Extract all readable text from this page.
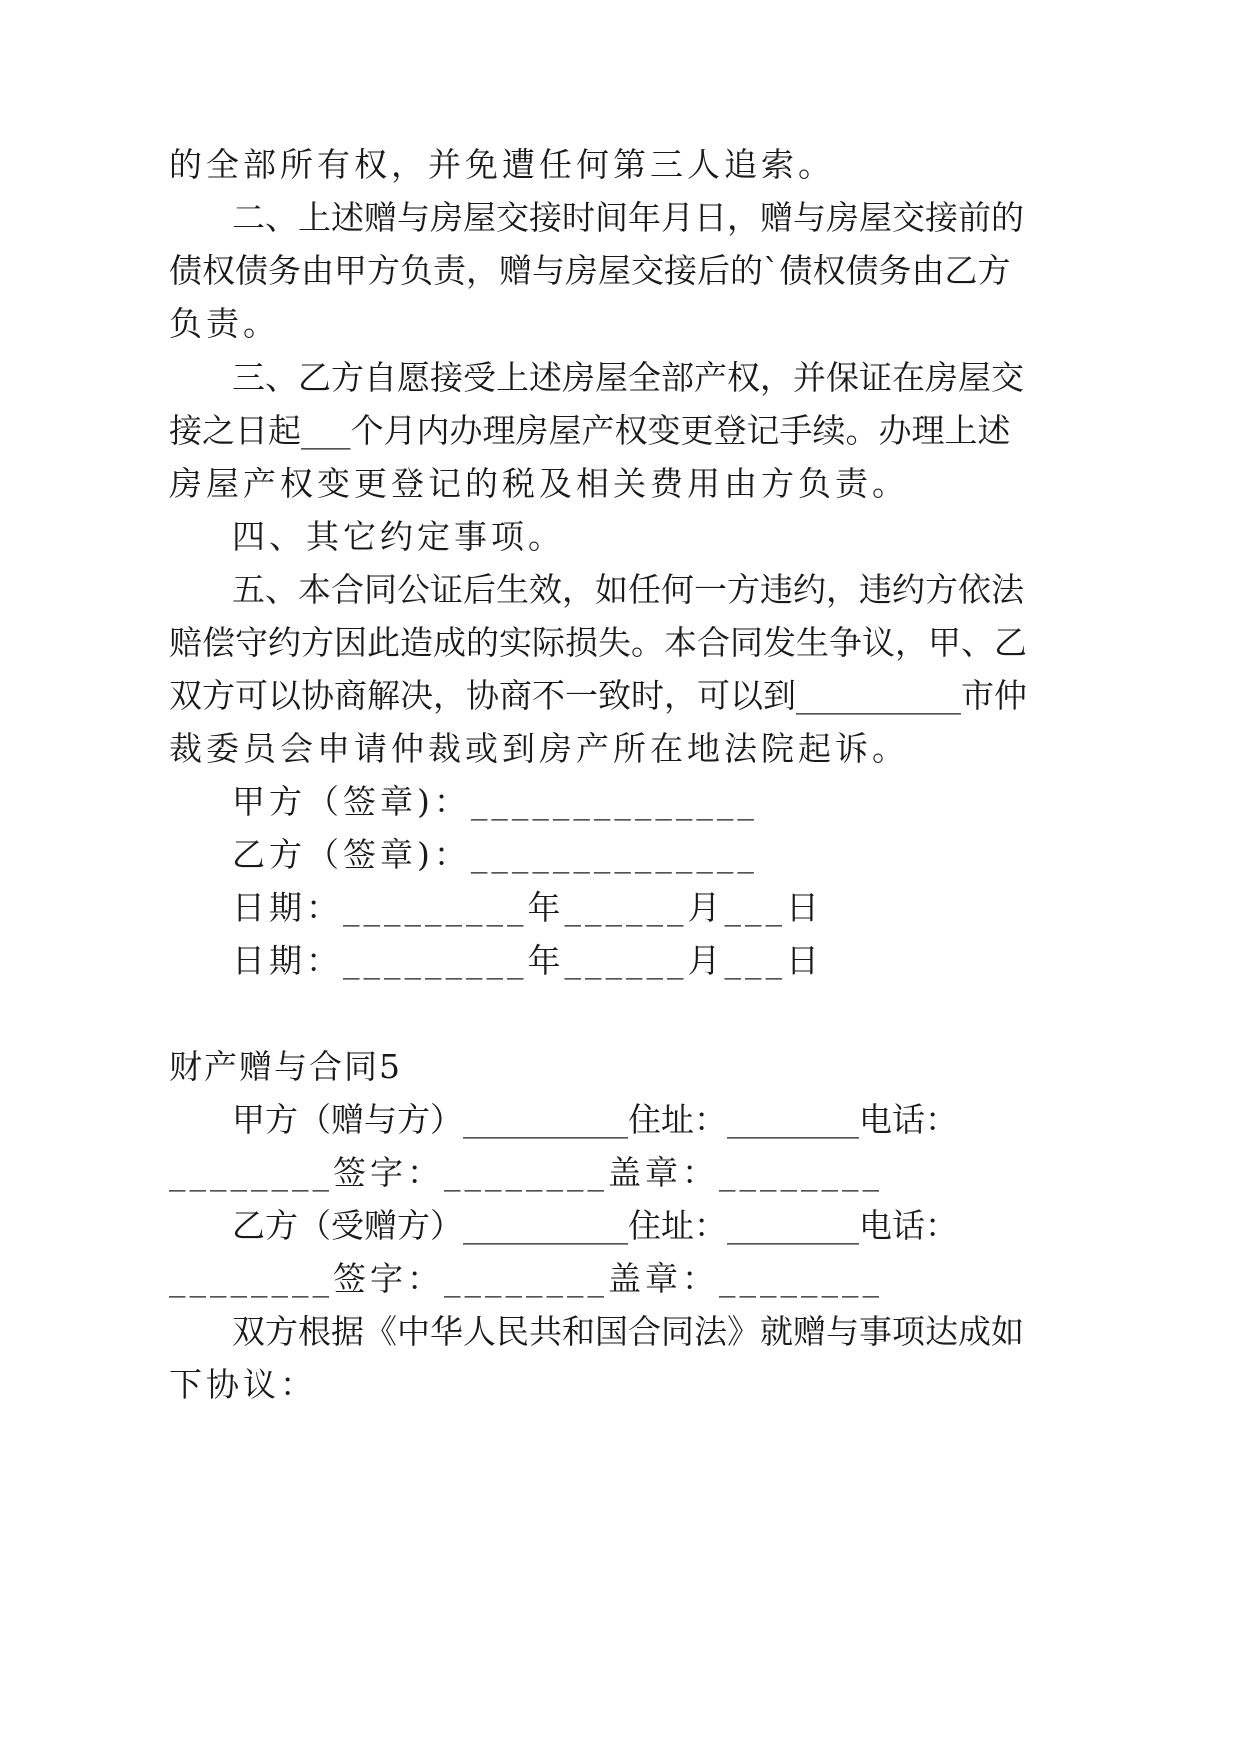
的全部所有权，并免遭任何第三人追索。
二、上述赠与房屋交接时间年月日，赠与房屋交接前的
债权债务由甲方负责，赠与房屋交接后的`债权债务由乙方
负责。
三、乙方自愿接受上述房屋全部产权，并保证在房屋交
接之日起___个月内办理房屋产权变更登记手续。办理上述
房屋产权变更登记的税及相关费用由方负责。
四、其它约定事项。
五、本合同公证后生效，如任何一方违约，违约方依法
赔偿守约方因此造成的实际损失。本合同发生争议，甲、乙
双方可以协商解决，协商不一致时，可以到__________市仲
裁委员会申请仲裁或到房产所在地法院起诉。
甲方（签章)：______________
乙方（签章)：______________
日期：_________年______月___日
日期：_________年______月___日
财产赠与合同5
甲方（赠与方）__________住址：________电话：
________签字：________盖章：________
乙方（受赠方）__________住址：________电话：
________签字：________盖章：________
双方根据《中华人民共和国合同法》就赠与事项达成如
下协议：
